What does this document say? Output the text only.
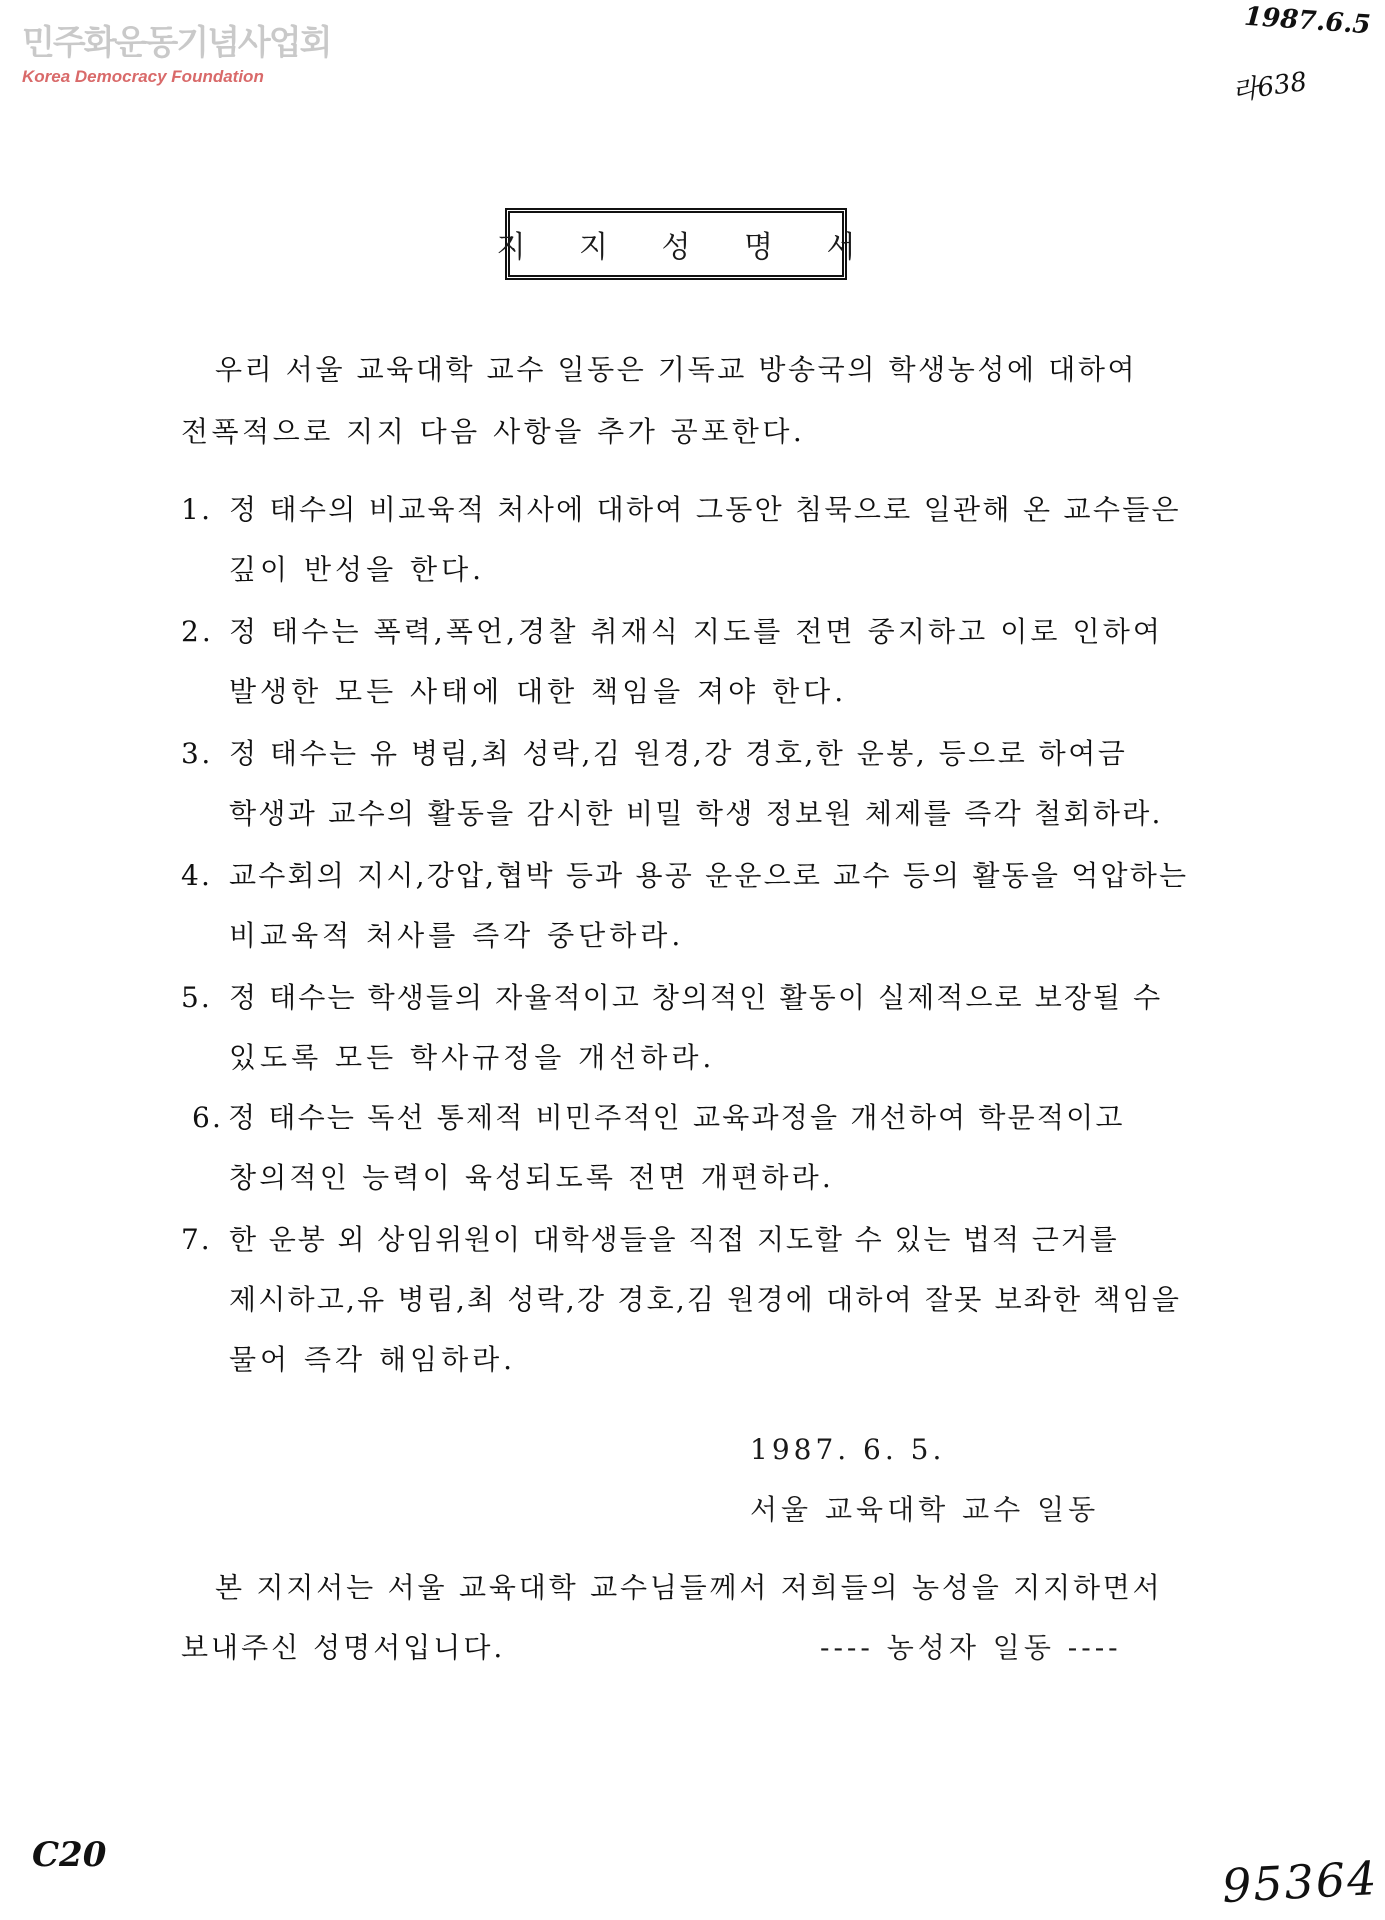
민주화운동기념사업회
Korea Democracy Foundation
1987.6.5
라638
지 지 성 명 서
우리 서울 교육대학 교수 일동은 기독교 방송국의 학생농성에 대하여
전폭적으로 지지 다음 사항을 추가 공포한다.
1. 정 태수의 비교육적 처사에 대하여 그동안 침묵으로 일관해 온 교수들은
깊이 반성을 한다.
2. 정 태수는 폭력,폭언,경찰 취재식 지도를 전면 중지하고 이로 인하여
발생한 모든 사태에 대한 책임을 져야 한다.
3. 정 태수는 유 병림,최 성락,김 원경,강 경호,한 운봉, 등으로 하여금
학생과 교수의 활동을 감시한 비밀 학생 정보원 체제를 즉각 철회하라.
4. 교수회의 지시,강압,협박 등과 용공 운운으로 교수 등의 활동을 억압하는
비교육적 처사를 즉각 중단하라.
5. 정 태수는 학생들의 자율적이고 창의적인 활동이 실제적으로 보장될 수
있도록 모든 학사규정을 개선하라.
6. 정 태수는 독선 통제적 비민주적인 교육과정을 개선하여 학문적이고
창의적인 능력이 육성되도록 전면 개편하라.
7. 한 운봉 외 상임위원이 대학생들을 직접 지도할 수 있는 법적 근거를
제시하고,유 병림,최 성락,강 경호,김 원경에 대하여 잘못 보좌한 책임을
물어 즉각 해임하라.
1987. 6. 5.
서울 교육대학 교수 일동
본 지지서는 서울 교육대학 교수님들께서 저희들의 농성을 지지하면서
보내주신 성명서입니다.	---- 농성자 일동 ----
C20	95364
